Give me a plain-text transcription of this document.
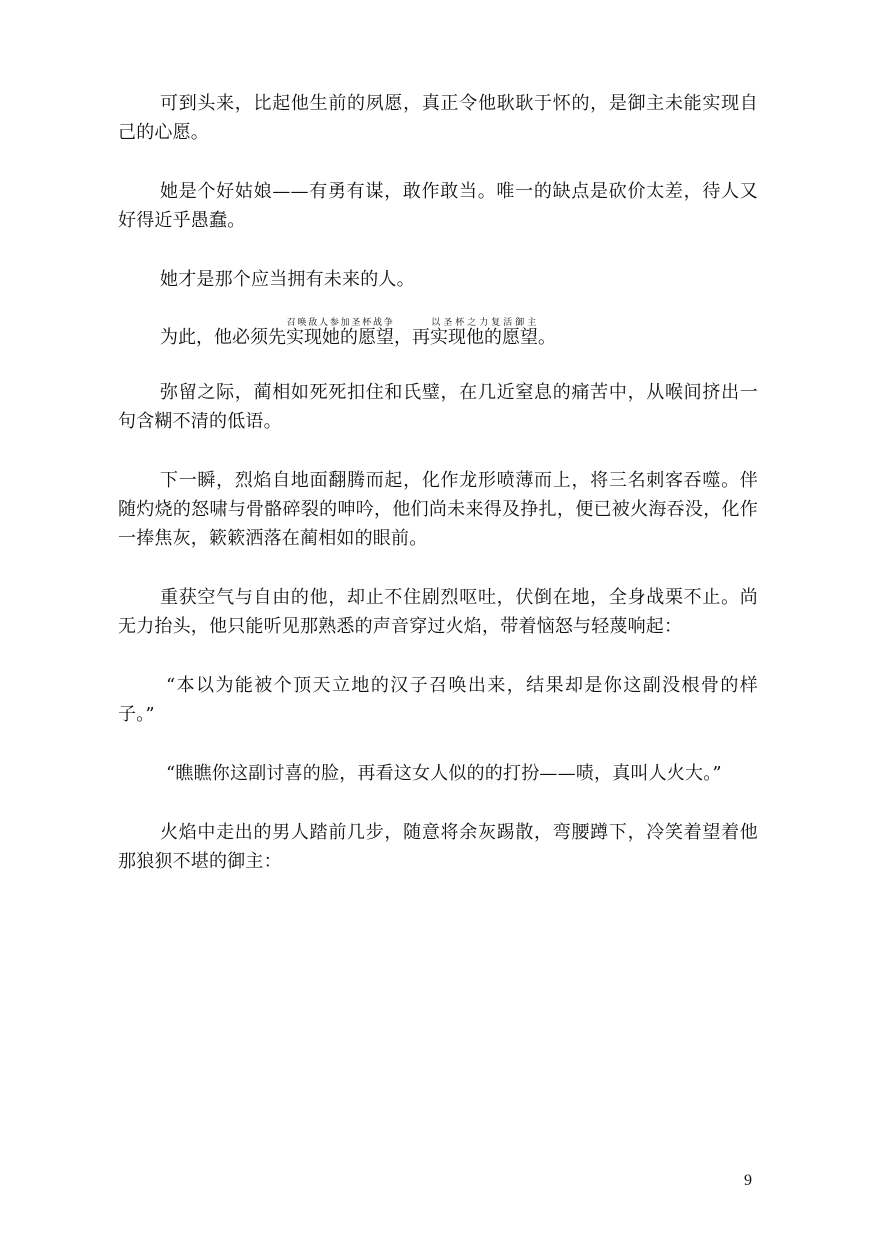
可到头来，比起他生前的夙愿，真正令他耿耿于怀的，是御主未能实现自己的心愿。

她是个好姑娘——有勇有谋，敢作敢当。唯一的缺点是砍价太差，待人又好得近乎愚蠢。

她才是那个应当拥有未来的人。

为此，他必须先实现她的愿望召唤敌人参加圣杯战争，再实现他的愿望以圣杯之力复活御主。

弥留之际，蔺相如死死扣住和氏璧，在几近窒息的痛苦中，从喉间挤出一句含糊不清的低语。

下一瞬，烈焰自地面翻腾而起，化作龙形喷薄而上，将三名刺客吞噬。伴随灼烧的怒啸与骨骼碎裂的呻吟，他们尚未来得及挣扎，便已被火海吞没，化作一捧焦灰，簌簌洒落在蔺相如的眼前。

重获空气与自由的他，却止不住剧烈呕吐，伏倒在地，全身战栗不止。尚无力抬头，他只能听见那熟悉的声音穿过火焰，带着恼怒与轻蔑响起：

“本以为能被个顶天立地的汉子召唤出来，结果却是你这副没根骨的样子。”

“瞧瞧你这副讨喜的脸，再看这女人似的的打扮——啧，真叫人火大。”

火焰中走出的男人踏前几步，随意将余灰踢散，弯腰蹲下，冷笑着望着他那狼狈不堪的御主：

9
